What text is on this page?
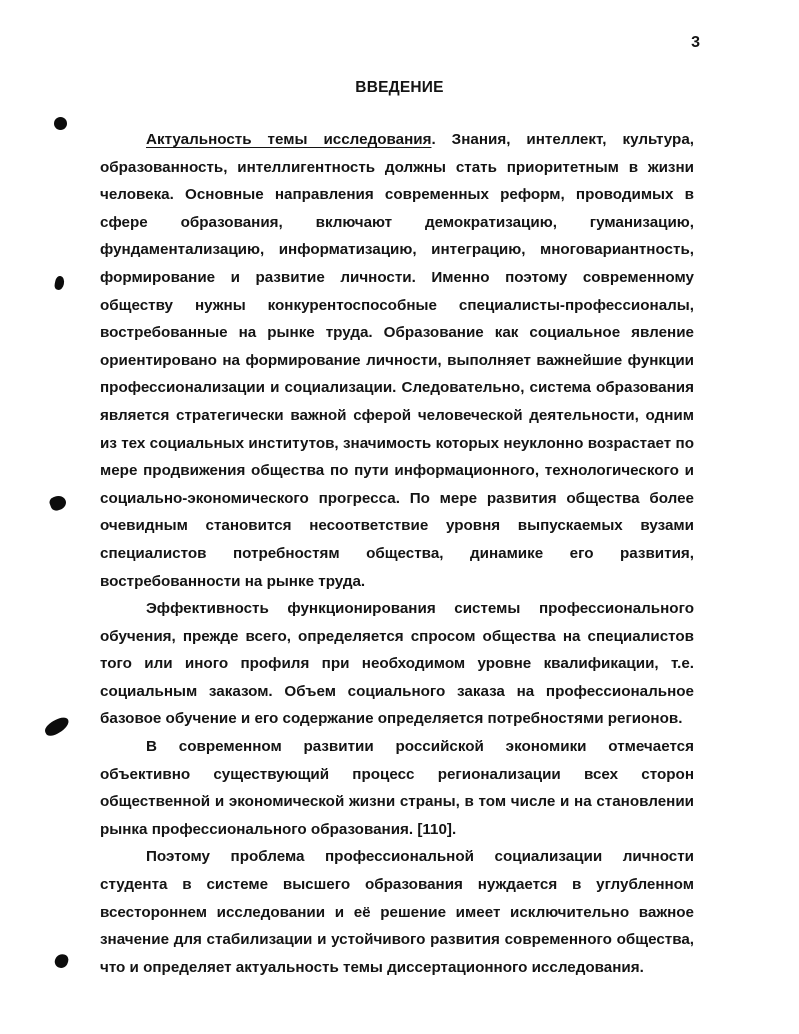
3
ВВЕДЕНИЕ

Актуальность темы исследования. Знания, интеллект, культура, образованность, интеллигентность должны стать приоритетным в жизни человека. Основные направления современных реформ, проводимых в сфере образования, включают демократизацию, гуманизацию, фундаментализацию, информатизацию, интеграцию, многовариантность, формирование и развитие личности. Именно поэтому современному обществу нужны конкурентоспособные специалисты-профессионалы, востребованные на рынке труда. Образование как социальное явление ориентировано на формирование личности, выполняет важнейшие функции профессионализации и социализации. Следовательно, система образования является стратегически важной сферой человеческой деятельности, одним из тех социальных институтов, значимость которых неуклонно возрастает по мере продвижения общества по пути информационного, технологического и социально-экономического прогресса. По мере развития общества более очевидным становится несоответствие уровня выпускаемых вузами специалистов потребностям общества, динамике его развития, востребованности на рынке труда.

Эффективность функционирования системы профессионального обучения, прежде всего, определяется спросом общества на специалистов того или иного профиля при необходимом уровне квалификации, т.е. социальным заказом. Объем социального заказа на профессиональное базовое обучение и его содержание определяется потребностями регионов.

В современном развитии российской экономики отмечается объективно существующий процесс регионализации всех сторон общественной и экономической жизни страны, в том числе и на становлении рынка профессионального образования. [110].

Поэтому проблема профессиональной социализации личности студента в системе высшего образования нуждается в углубленном всестороннем исследовании и её решение имеет исключительно важное значение для стабилизации и устойчивого развития современного общества, что и определяет актуальность темы диссертационного исследования.
